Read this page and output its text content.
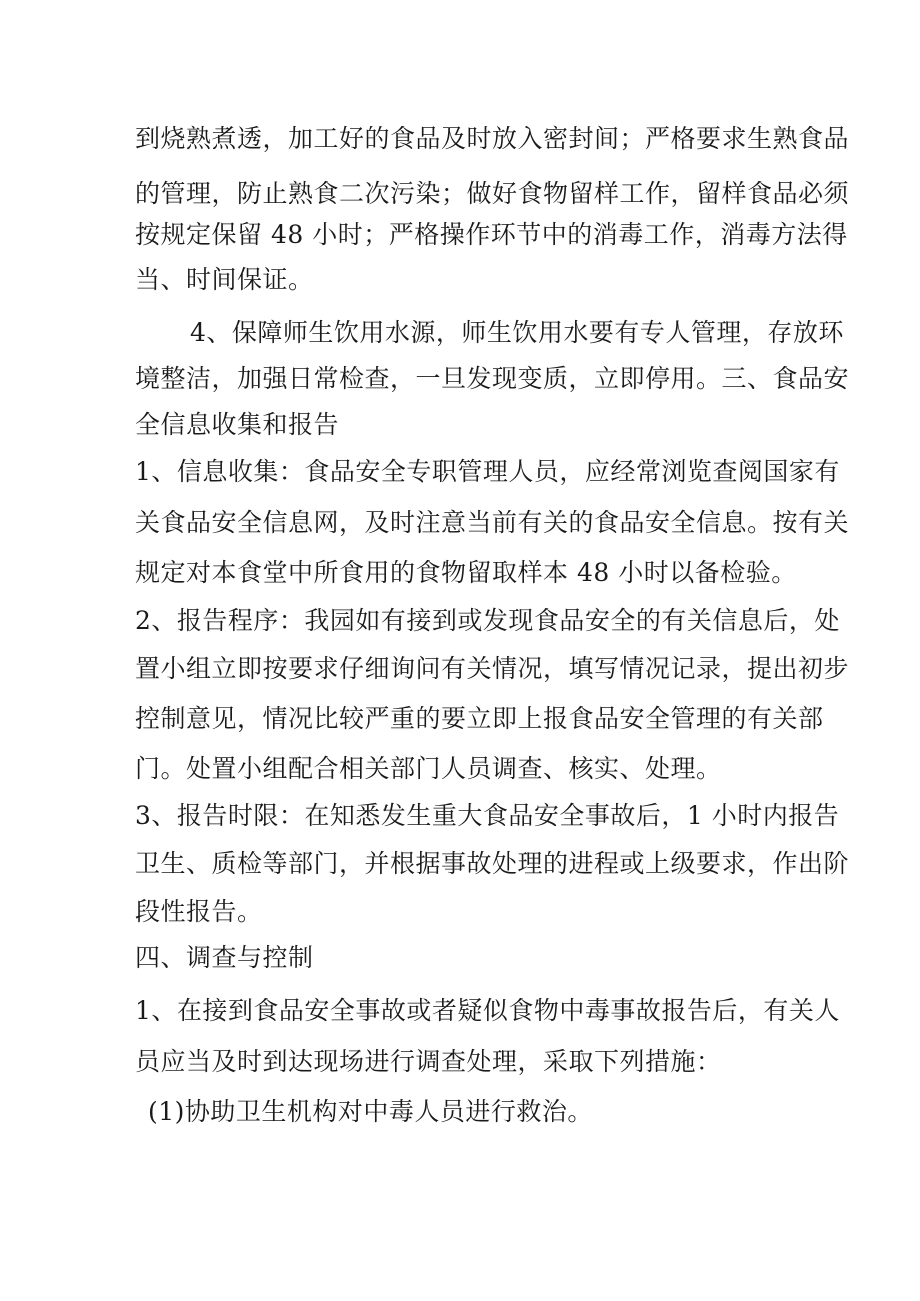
到烧熟煮透，加工好的食品及时放入密封间；严格要求生熟食品
的管理，防止熟食二次污染；做好食物留样工作，留样食品必须
按规定保留 48 小时；严格操作环节中的消毒工作，消毒方法得
当、时间保证。
4、保障师生饮用水源，师生饮用水要有专人管理，存放环
境整洁，加强日常检查，一旦发现变质，立即停用。三、食品安
全信息收集和报告
1、信息收集：食品安全专职管理人员，应经常浏览查阅国家有
关食品安全信息网，及时注意当前有关的食品安全信息。按有关
规定对本食堂中所食用的食物留取样本 48 小时以备检验。
2、报告程序：我园如有接到或发现食品安全的有关信息后，处
置小组立即按要求仔细询问有关情况，填写情况记录，提出初步
控制意见，情况比较严重的要立即上报食品安全管理的有关部
门。处置小组配合相关部门人员调查、核实、处理。
3、报告时限：在知悉发生重大食品安全事故后，1 小时内报告
卫生、质检等部门，并根据事故处理的进程或上级要求，作出阶
段性报告。
四、调查与控制
1、在接到食品安全事故或者疑似食物中毒事故报告后，有关人
员应当及时到达现场进行调查处理，采取下列措施：
(1)协助卫生机构对中毒人员进行救治。
